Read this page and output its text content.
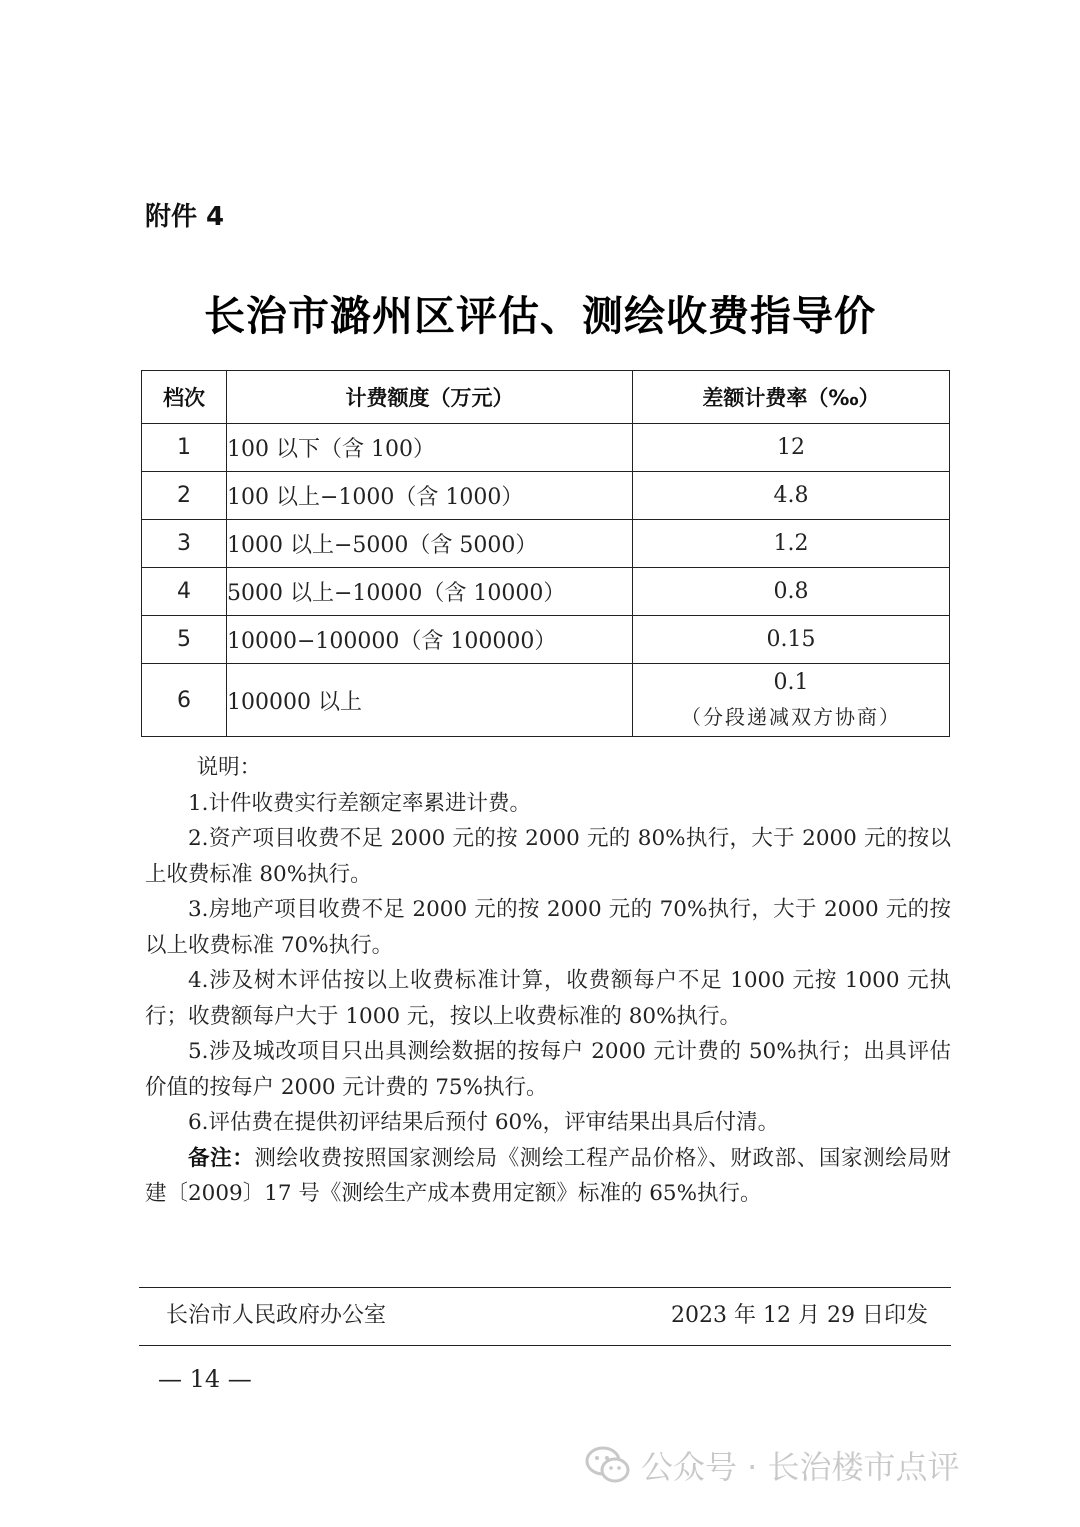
附件 4
长治市潞州区评估、测绘收费指导价
档次	计费额度（万元）	差额计费率（‰）
1	100 以下（含 100）	12
2	100 以上−1000（含 1000）	4.8
3	1000 以上−5000（含 5000）	1.2
4	5000 以上−10000（含 10000）	0.8
5	10000−100000（含 100000）	0.15
6	100000 以上	0.1
（分段递减双方协商）

说明：

1.计件收费实行差额定率累进计费。

2.资产项目收费不足 2000 元的按 2000 元的 80%执行，大于 2000 元的按以上收费标准 80%执行。

3.房地产项目收费不足 2000 元的按 2000 元的 70%执行，大于 2000 元的按以上收费标准 70%执行。

4.涉及树木评估按以上收费标准计算，收费额每户不足 1000 元按 1000 元执行；收费额每户大于 1000 元，按以上收费标准的 80%执行。

5.涉及城改项目只出具测绘数据的按每户 2000 元计费的 50%执行；出具评估价值的按每户 2000 元计费的 75%执行。

6.评估费在提供初评结果后预付 60%，评审结果出具后付清。

备注：测绘收费按照国家测绘局《测绘工程产品价格》、财政部、国家测绘局财建〔2009〕17 号《测绘生产成本费用定额》标准的 65%执行。

长治市人民政府办公室	2023 年 12 月 29 日印发
— 14 —
公众号 · 长治楼市点评
